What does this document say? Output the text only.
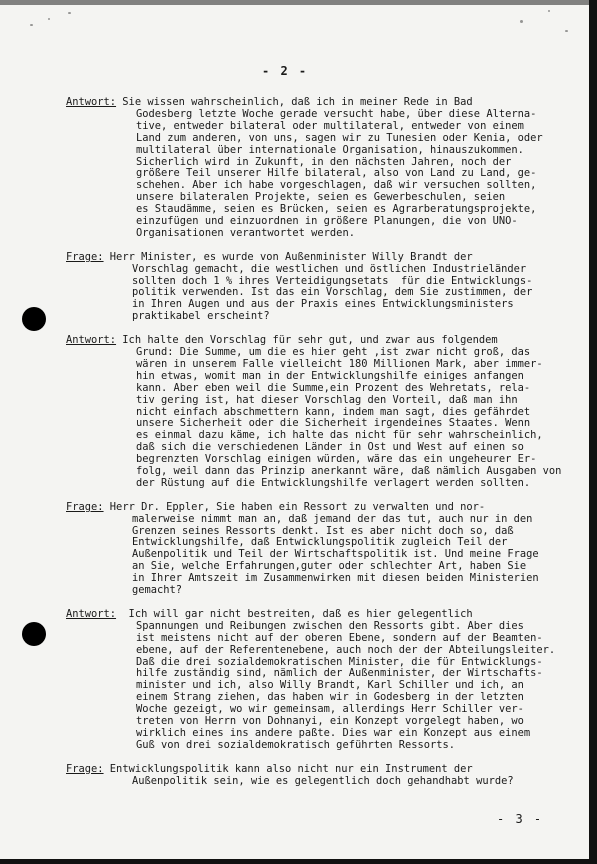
- 2 -
Antwort: Sie wissen wahrscheinlich, daß ich in meiner Rede in Bad
Godesberg letzte Woche gerade versucht habe, über diese Alterna-
tive, entweder bilateral oder multilateral, entweder von einem
Land zum anderen, von uns, sagen wir zu Tunesien oder Kenia, oder
multilateral über internationale Organisation, hinauszukommen.
Sicherlich wird in Zukunft, in den nächsten Jahren, noch der
größere Teil unserer Hilfe bilateral, also von Land zu Land, ge-
schehen. Aber ich habe vorgeschlagen, daß wir versuchen sollten,
unsere bilateralen Projekte, seien es Gewerbeschulen, seien
es Staudämme, seien es Brücken, seien es Agrarberatungsprojekte,
einzufügen und einzuordnen in größere Planungen, die von UNO-
Organisationen verantwortet werden.
Frage: Herr Minister, es wurde von Außenminister Willy Brandt der
Vorschlag gemacht, die westlichen und östlichen Industrieländer
sollten doch 1 % ihres Verteidigungsetats  für die Entwicklungs-
politik verwenden. Ist das ein Vorschlag, dem Sie zustimmen, der
in Ihren Augen und aus der Praxis eines Entwicklungsministers
praktikabel erscheint?
Antwort: Ich halte den Vorschlag für sehr gut, und zwar aus folgendem
Grund: Die Summe, um die es hier geht ,ist zwar nicht groß, das
wären in unserem Falle vielleicht 180 Millionen Mark, aber immer-
hin etwas, womit man in der Entwicklungshilfe einiges anfangen
kann. Aber eben weil die Summe,ein Prozent des Wehretats, rela-
tiv gering ist, hat dieser Vorschlag den Vorteil, daß man ihn
nicht einfach abschmettern kann, indem man sagt, dies gefährdet
unsere Sicherheit oder die Sicherheit irgendeines Staates. Wenn
es einmal dazu käme, ich halte das nicht für sehr wahrscheinlich,
daß sich die verschiedenen Länder in Ost und West auf einen so
begrenzten Vorschlag einigen würden, wäre das ein ungeheurer Er-
folg, weil dann das Prinzip anerkannt wäre, daß nämlich Ausgaben von
der Rüstung auf die Entwicklungshilfe verlagert werden sollten.
Frage: Herr Dr. Eppler, Sie haben ein Ressort zu verwalten und nor-
malerweise nimmt man an, daß jemand der das tut, auch nur in den
Grenzen seines Ressorts denkt. Ist es aber nicht doch so, daß
Entwicklungshilfe, daß Entwicklungspolitik zugleich Teil der
Außenpolitik und Teil der Wirtschaftspolitik ist. Und meine Frage
an Sie, welche Erfahrungen,guter oder schlechter Art, haben Sie
in Ihrer Amtszeit im Zusammenwirken mit diesen beiden Ministerien
gemacht?
Antwort:  Ich will gar nicht bestreiten, daß es hier gelegentlich
Spannungen und Reibungen zwischen den Ressorts gibt. Aber dies
ist meistens nicht auf der oberen Ebene, sondern auf der Beamten-
ebene, auf der Referentenebene, auch noch der der Abteilungsleiter.
Daß die drei sozialdemokratischen Minister, die für Entwicklungs-
hilfe zuständig sind, nämlich der Außenminister, der Wirtschafts-
minister und ich, also Willy Brandt, Karl Schiller und ich, an
einem Strang ziehen, das haben wir in Godesberg in der letzten
Woche gezeigt, wo wir gemeinsam, allerdings Herr Schiller ver-
treten von Herrn von Dohnanyi, ein Konzept vorgelegt haben, wo
wirklich eines ins andere paßte. Dies war ein Konzept aus einem
Guß von drei sozialdemokratisch geführten Ressorts.
Frage: Entwicklungspolitik kann also nicht nur ein Instrument der
Außenpolitik sein, wie es gelegentlich doch gehandhabt wurde?
- 3 -
